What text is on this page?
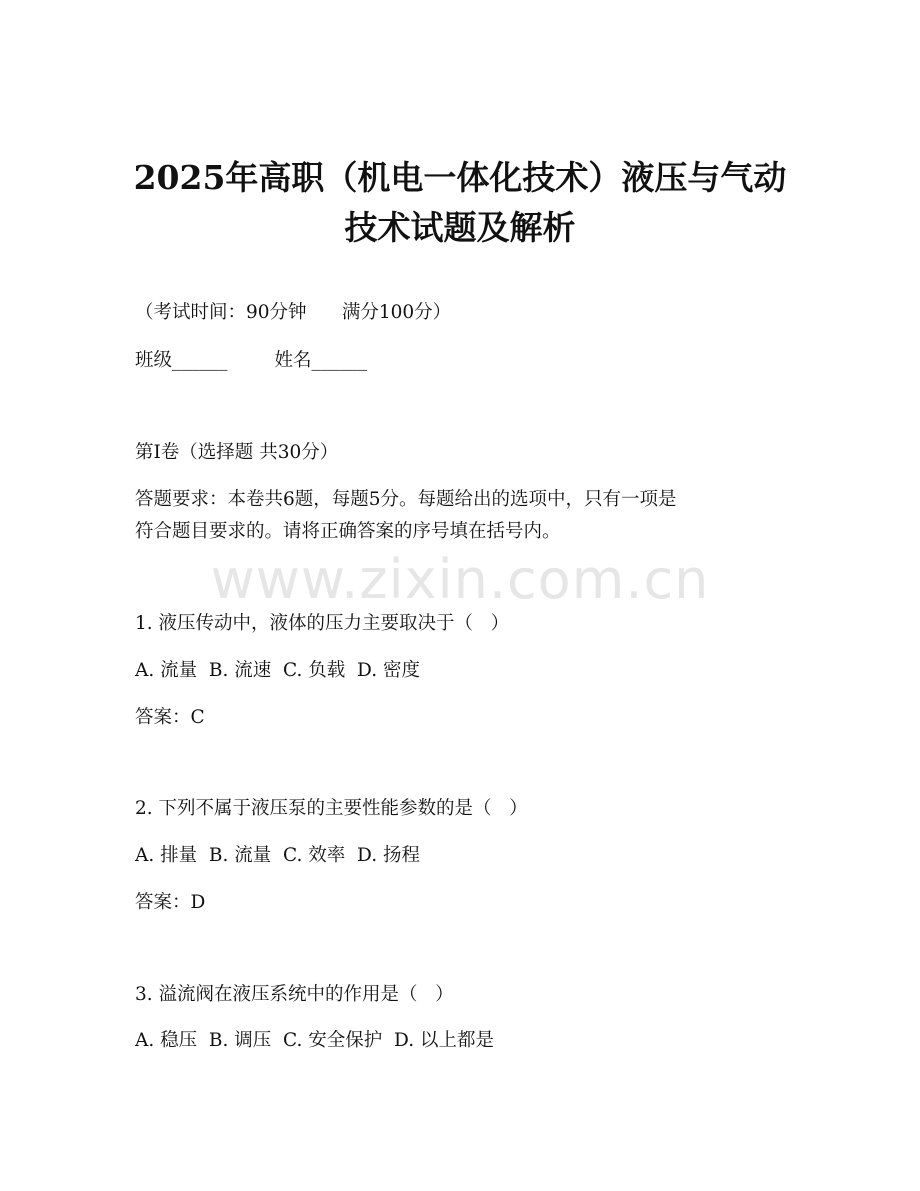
2025年高职（机电一体化技术）液压与气动
技术试题及解析
（考试时间：90分钟      满分100分）
班级______        姓名______
第Ⅰ卷（选择题 共30分）
答题要求：本卷共6题，每题5分。每题给出的选项中，只有一项是
符合题目要求的。请将正确答案的序号填在括号内。
www.zixin.com.cn
1. 液压传动中，液体的压力主要取决于（   ）
A. 流量  B. 流速  C. 负载  D. 密度
答案：C
2. 下列不属于液压泵的主要性能参数的是（   ）
A. 排量  B. 流量  C. 效率  D. 扬程
答案：D
3. 溢流阀在液压系统中的作用是（   ）
A. 稳压  B. 调压  C. 安全保护  D. 以上都是
